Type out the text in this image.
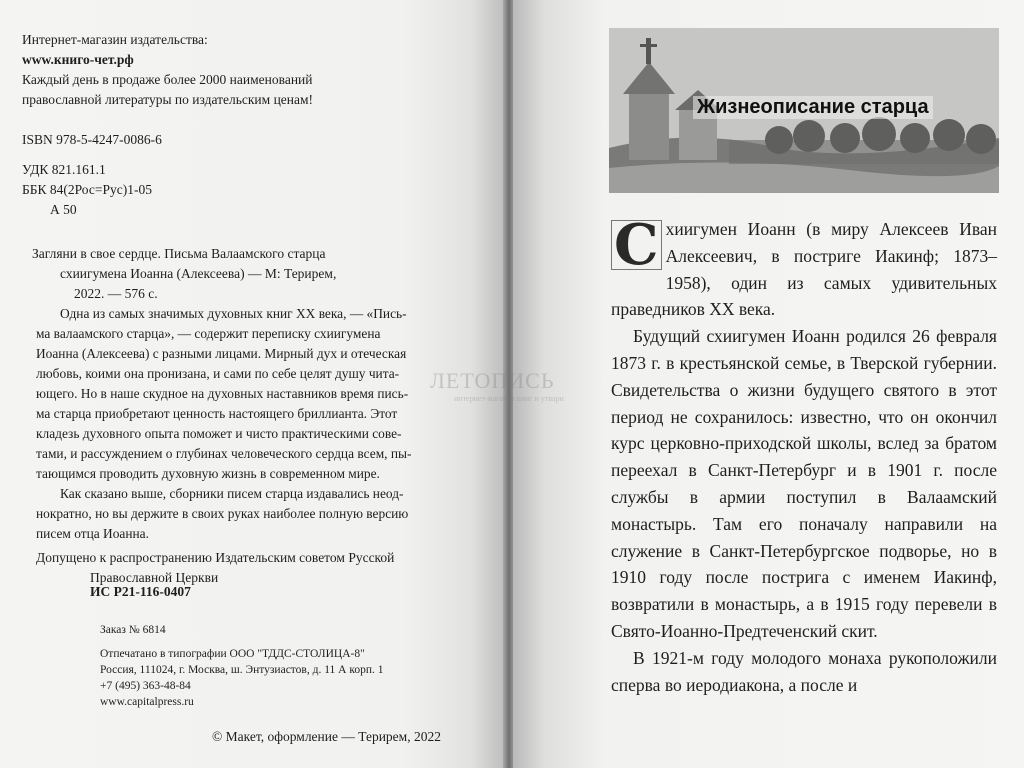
Интернет-магазин издательства:

www.книго-чет.рф

Каждый день в продаже более 2000 наименований

православной литературы по издательским ценам!

ISBN 978-5-4247-0086-6

УДК 821.161.1

ББК 84(2Рос=Рус)1-05

А 50

Загляни в свое сердце. Письма Валаамского старца

схиигумена Иоанна (Алексеева) — М: Терирем,

2022. — 576 с.

Одна из самых значимых духовных книг XX века, — «Пись-

ма валаамского старца», — содержит переписку схиигумена

Иоанна (Алексеева) с разными лицами. Мирный дух и отеческая

любовь, коими она пронизана, и сами по себе целят душу чита-

ющего. Но в наше скудное на духовных наставников время пись-

ма старца приобретают ценность настоящего бриллианта. Этот

кладезь духовного опыта поможет и чисто практическими сове-

тами, и рассуждением о глубинах человеческого сердца всем, пы-

тающимся проводить духовную жизнь в современном мире.

Как сказано выше, сборники писем старца издавались неод-

нократно, но вы держите в своих руках наиболее полную версию

писем отца Иоанна.

Допущено к распространению Издательским советом Русской

Православной Церкви

ИС Р21-116-0407
Заказ № 6814

Отпечатано в типографии ООО "ТДДС-СТОЛИЦА-8"

Россия, 111024, г. Москва, ш. Энтузиастов, д. 11 А корп. 1

+7 (495) 363-48-84

www.capitalpress.ru

© Макет, оформление — Терирем, 2022
Жизнеописание старца

С хиигумен Иоанн (в миру Алексеев Иван Алексеевич, в постриге Иакинф; 1873–1958), один из самых удивительных праведников XX века.

Будущий схиигумен Иоанн родился 26 февраля 1873 г. в крестьянской семье, в Тверской губернии. Свидетельства о жизни будущего святого в этот период не сохранилось: известно, что он окончил курс церковно-приходской школы, вслед за братом переехал в Санкт-Петербург и в 1901 г. после службы в армии поступил в Валаамский монастырь. Там его поначалу направили на служение в Санкт-Петербургское подворье, но в 1910 году после пострига с именем Иакинф, возвратили в монастырь, а в 1915 году перевели в Свято-Иоанно-Предтеченский скит.

В 1921-м году молодого монаха рукоположили сперва во иеродиакона, а после и

ЛЕТОПИСЬ
интернет-магазин книг и утвари
